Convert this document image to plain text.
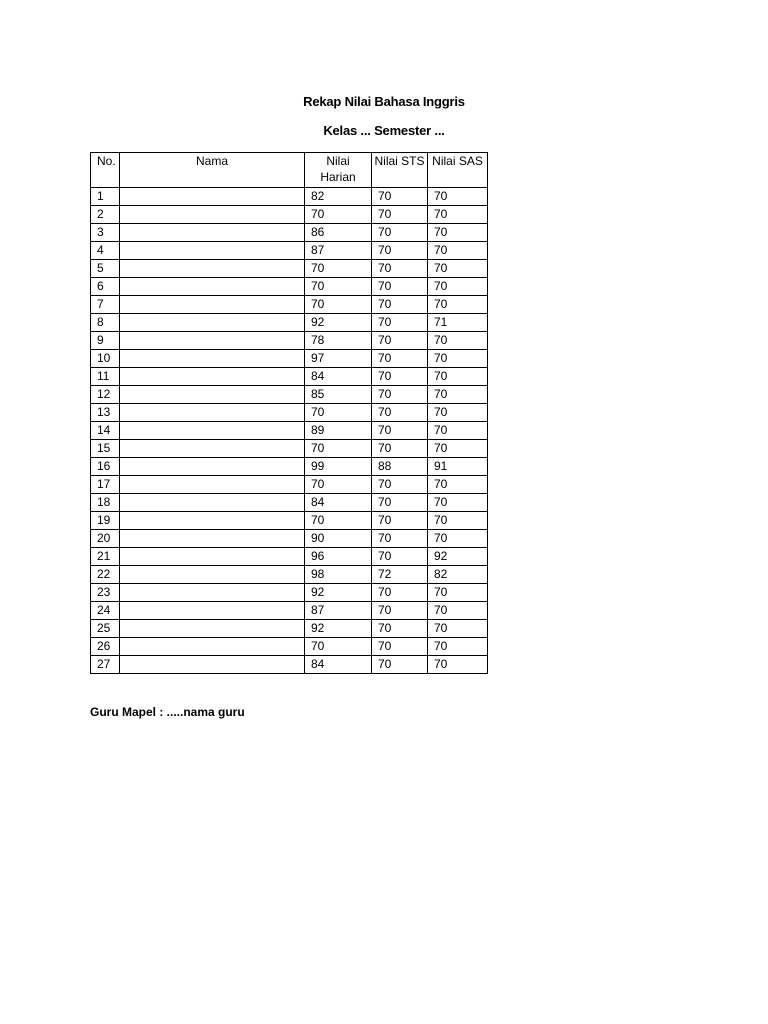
Rekap Nilai Bahasa Inggris
Kelas ... Semester ...
No.	Nama	Nilai Harian	Nilai STS	Nilai SAS
1		82	70	70
2		70	70	70
3		86	70	70
4		87	70	70
5		70	70	70
6		70	70	70
7		70	70	70
8		92	70	71
9		78	70	70
10		97	70	70
11		84	70	70
12		85	70	70
13		70	70	70
14		89	70	70
15		70	70	70
16		99	88	91
17		70	70	70
18		84	70	70
19		70	70	70
20		90	70	70
21		96	70	92
22		98	72	82
23		92	70	70
24		87	70	70
25		92	70	70
26		70	70	70
27		84	70	70
Guru Mapel : .....nama guru
